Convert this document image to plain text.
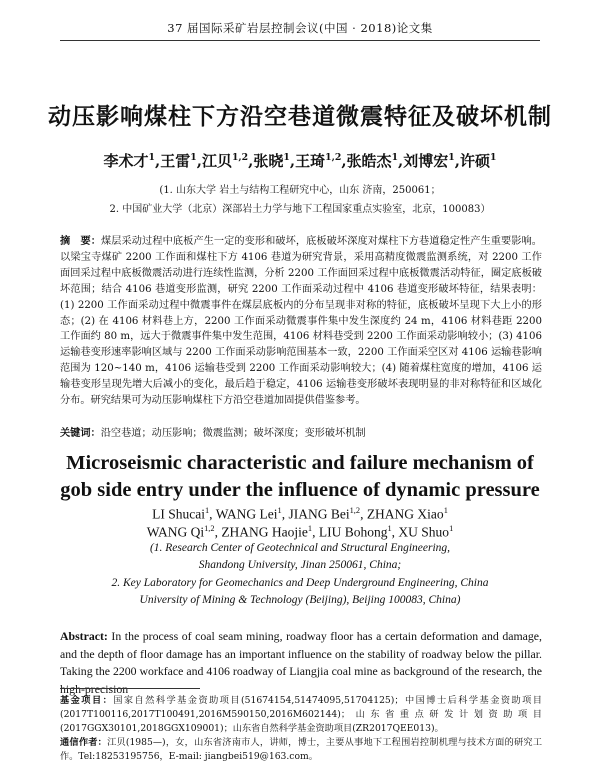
37 届国际采矿岩层控制会议(中国 · 2018)论文集
动压影响煤柱下方沿空巷道微震特征及破坏机制
李术才$^1$,王雷$^1$,江贝$^{1,2}$,张晓$^1$,王琦$^{1,2}$,张皓杰$^1$,刘博宏$^1$,许硕$^1$
(1. 山东大学 岩土与结构工程研究中心，山东 济南，250061；
2. 中国矿业大学（北京）深部岩土力学与地下工程国家重点实验室，北京，100083）
摘　要：煤层采动过程中底板产生一定的变形和破坏，底板破坏深度对煤柱下方巷道稳定性产生重要影响。以梁宝寺煤矿 2200 工作面和煤柱下方 4106 巷道为研究背景，采用高精度微震监测系统，对 2200 工作面回采过程中底板微震活动进行连续性监测，分析 2200 工作面回采过程中底板微震活动特征，圈定底板破坏范围；结合 4106 巷道变形监测，研究 2200 工作面采动过程中 4106 巷道变形破坏特征，结果表明：(1) 2200 工作面采动过程中微震事件在煤层底板内的分布呈现非对称的特征，底板破坏呈现下大上小的形态；(2) 在 4106 材料巷上方，2200 工作面采动微震事件集中发生深度约 24 m，4106 材料巷距 2200 工作面约 80 m，远大于微震事件集中发生范围，4106 材料巷受到 2200 工作面采动影响较小；(3) 4106 运输巷变形速率影响区域与 2200 工作面采动影响范围基本一致，2200 工作面采空区对 4106 运输巷影响范围为 120~140 m，4106 运输巷受到 2200 工作面采动影响较大；(4) 随着煤柱宽度的增加，4106 运输巷变形呈现先增大后减小的变化，最后趋于稳定，4106 运输巷变形破坏表现明显的非对称特征和区域化分布。研究结果可为动压影响煤柱下方沿空巷道加固提供借鉴参考。
关键词：沿空巷道；动压影响；微震监测；破坏深度；变形破坏机制
Microseismic characteristic and failure mechanism of
gob side entry under the influence of dynamic pressure
LI Shucai$^1$, WANG Lei$^1$, JIANG Bei$^{1,2}$, ZHANG Xiao$^1$
WANG Qi$^{1,2}$, ZHANG Haojie$^1$, LIU Bohong$^1$, XU Shuo$^1$
(1. Research Center of Geotechnical and Structural Engineering,
Shandong University, Jinan 250061, China;
2. Key Laboratory for Geomechanics and Deep Underground Engineering, China
University of Mining & Technology (Beijing), Beijing 100083, China)
Abstract: In the process of coal seam mining, roadway floor has a certain deformation and damage, and the depth of floor damage has an important influence on the stability of roadway below the pillar. Taking the 2200 workface and 4106 roadway of Liangjia coal mine as background of the research, the high-precision
基金项目：国家自然科学基金资助项目(51674154,51474095,51704125)；中国博士后科学基金资助项目(2017T100116,2017T100491,2016M590150,2016M602144)；山东省重点研发计划资助项目(2017GGX30101,2018GGX109001)；山东省自然科学基金资助项目(ZR2017QEE013)。
通信作者：江贝(1985—)，女，山东省济南市人，讲师，博士，主要从事地下工程围岩控制机理与技术方面的研究工作。Tel:18253195756，E-mail: jiangbei519@163.com。
